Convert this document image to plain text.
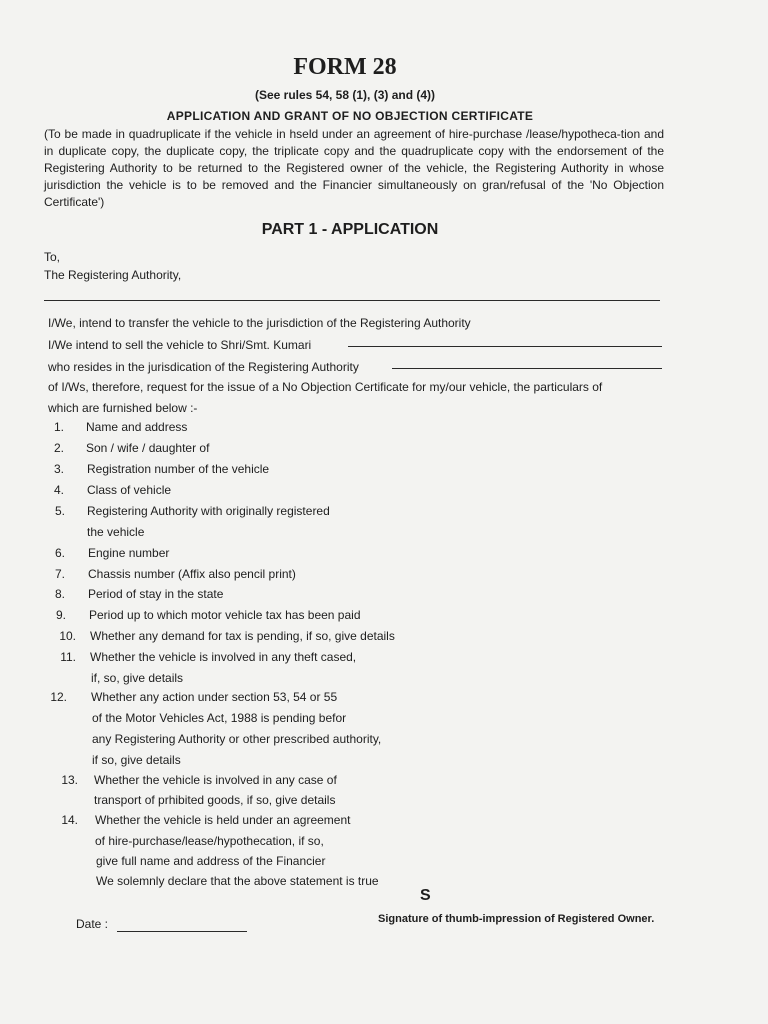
FORM 28
(See rules 54, 58 (1), (3) and (4))
APPLICATION AND GRANT OF NO OBJECTION CERTIFICATE
(To be made in quadruplicate if the vehicle in hseld under an agreement of hire-purchase /lease/hypotheca-tion and in duplicate copy, the duplicate copy, the triplicate copy and the quadruplicate copy with the endorsement of the Registering Authority to be returned to the Registered owner of the vehicle, the Registering Authority in whose jurisdiction the vehicle is to be removed and the Financier simultaneously on gran/refusal of the 'No Objection Certificate')
PART 1 - APPLICATION
To,
The Registering Authority,
I/We, intend to transfer the vehicle to the jurisdiction of the Registering Authority
I/We intend to sell the vehicle to Shri/Smt. Kumari
who resides in the jurisdication of the Registering Authority
of I/Ws, therefore, request for the issue of a No Objection Certificate for my/our vehicle, the particulars of
which are furnished below :-
1. Name and address
2. Son / wife / daughter of
3. Registration number of the vehicle
4. Class of vehicle
5. Registering Authority with originally registered
the vehicle
6. Engine number
7. Chassis number (Affix also pencil print)
8. Period of stay in the state
9. Period up to which motor vehicle tax has been paid
10. Whether any demand for tax is pending, if so, give details
11. Whether the vehicle is involved in any theft cased,
if, so, give details
12. Whether any action under section 53, 54 or 55
of the Motor Vehicles Act, 1988 is pending befor
any Registering Authority or other prescribed authority,
if so, give details
13. Whether the vehicle is involved in any case of
transport of prhibited goods, if so, give details
14. Whether the vehicle is held under an agreement
of hire-purchase/lease/hypothecation, if so,
give full name and address of the Financier
We solemnly declare that the above statement is true
S
Date :	Signature of thumb-impression of Registered Owner.
